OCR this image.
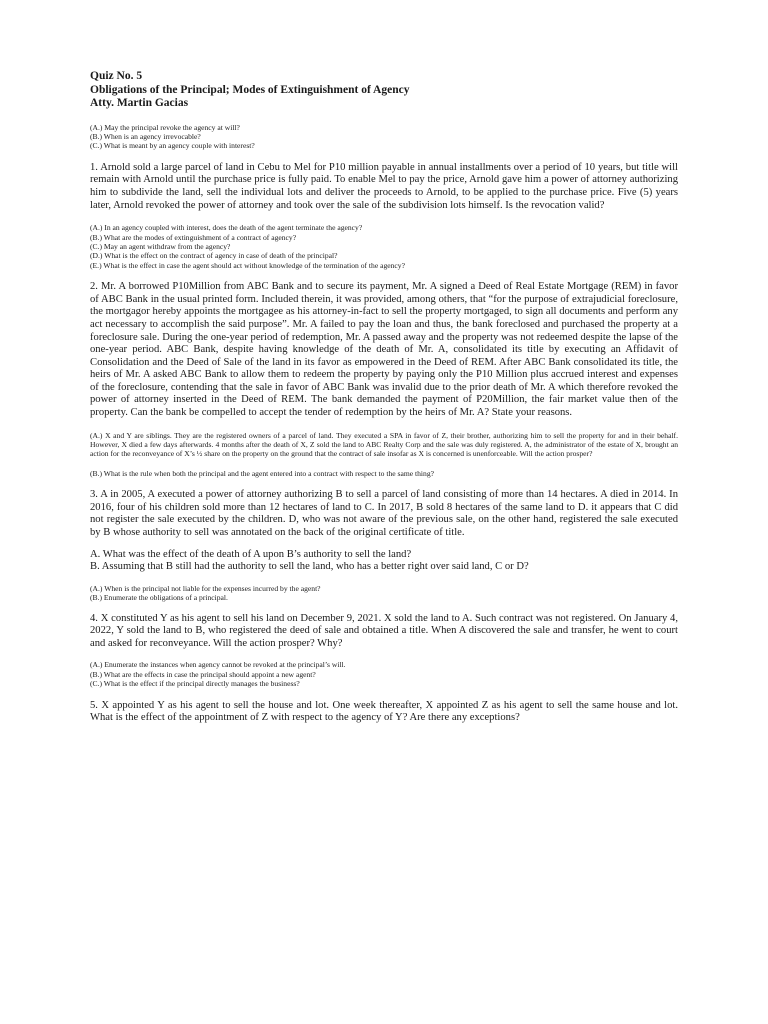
Quiz No. 5
Obligations of the Principal; Modes of Extinguishment of Agency
Atty. Martin Gacias

(A.) May the principal revoke the agency at will?

(B.) When is an agency irrevocable?

(C.) What is meant by an agency couple with interest?

1. Arnold sold a large parcel of land in Cebu to Mel for P10 million payable in annual installments over a period of 10 years, but title will remain with Arnold until the purchase price is fully paid. To enable Mel to pay the price, Arnold gave him a power of attorney authorizing him to subdivide the land, sell the individual lots and deliver the proceeds to Arnold, to be applied to the purchase price. Five (5) years later, Arnold revoked the power of attorney and took over the sale of the subdivision lots himself. Is the revocation valid?

(A.) In an agency coupled with interest, does the death of the agent terminate the agency?

(B.) What are the modes of extinguishment of a contract of agency?

(C.) May an agent withdraw from the agency?

(D.) What is the effect on the contract of agency in case of death of the principal?

(E.) What is the effect in case the agent should act without knowledge of the termination of the agency?

2. Mr. A borrowed P10Million from ABC Bank and to secure its payment, Mr. A signed a Deed of Real Estate Mortgage (REM) in favor of ABC Bank in the usual printed form. Included therein, it was provided, among others, that “for the purpose of extrajudicial foreclosure, the mortgagor hereby appoints the mortgagee as his attorney-in-fact to sell the property mortgaged, to sign all documents and perform any act necessary to accomplish the said purpose”. Mr. A failed to pay the loan and thus, the bank foreclosed and purchased the property at a foreclosure sale. During the one-year period of redemption, Mr. A passed away and the property was not redeemed despite the lapse of the one-year period. ABC Bank, despite having knowledge of the death of Mr. A, consolidated its title by executing an Affidavit of Consolidation and the Deed of Sale of the land in its favor as empowered in the Deed of REM. After ABC Bank consolidated its title, the heirs of Mr. A asked ABC Bank to allow them to redeem the property by paying only the P10 Million plus accrued interest and expenses of the foreclosure, contending that the sale in favor of ABC Bank was invalid due to the prior death of Mr. A which therefore revoked the power of attorney inserted in the Deed of REM. The bank demanded the payment of P20Million, the fair market value then of the property. Can the bank be compelled to accept the tender of redemption by the heirs of Mr. A? State your reasons.

(A.) X and Y are siblings. They are the registered owners of a parcel of land. They executed a SPA in favor of Z, their brother, authorizing him to sell the property for and in their behalf. However, X died a few days afterwards. 4 months after the death of X, Z sold the land to ABC Realty Corp and the sale was duly registered. A, the administrator of the estate of X, brought an action for the reconveyance of X’s ½ share on the property on the ground that the contract of sale insofar as X is concerned is unenforceable. Will the action prosper?

(B.) What is the rule when both the principal and the agent entered into a contract with respect to the same thing?

3. A in 2005, A executed a power of attorney authorizing B to sell a parcel of land consisting of more than 14 hectares. A died in 2014. In 2016, four of his children sold more than 12 hectares of land to C. In 2017, B sold 8 hectares of the same land to D. it appears that C did not register the sale executed by the children. D, who was not aware of the previous sale, on the other hand, registered the sale executed by B whose authority to sell was annotated on the back of the original certificate of title.

A. What was the effect of the death of A upon B’s authority to sell the land?

B. Assuming that B still had the authority to sell the land, who has a better right over said land, C or D?

(A.) When is the principal not liable for the expenses incurred by the agent?

(B.) Enumerate the obligations of a principal.

4. X constituted Y as his agent to sell his land on December 9, 2021. X sold the land to A. Such contract was not registered. On January 4, 2022, Y sold the land to B, who registered the deed of sale and obtained a title. When A discovered the sale and transfer, he went to court and asked for reconveyance. Will the action prosper? Why?

(A.) Enumerate the instances when agency cannot be revoked at the principal’s will.

(B.) What are the effects in case the principal should appoint a new agent?

(C.) What is the effect if the principal directly manages the business?

5. X appointed Y as his agent to sell the house and lot. One week thereafter, X appointed Z as his agent to sell the same house and lot. What is the effect of the appointment of Z with respect to the agency of Y? Are there any exceptions?
